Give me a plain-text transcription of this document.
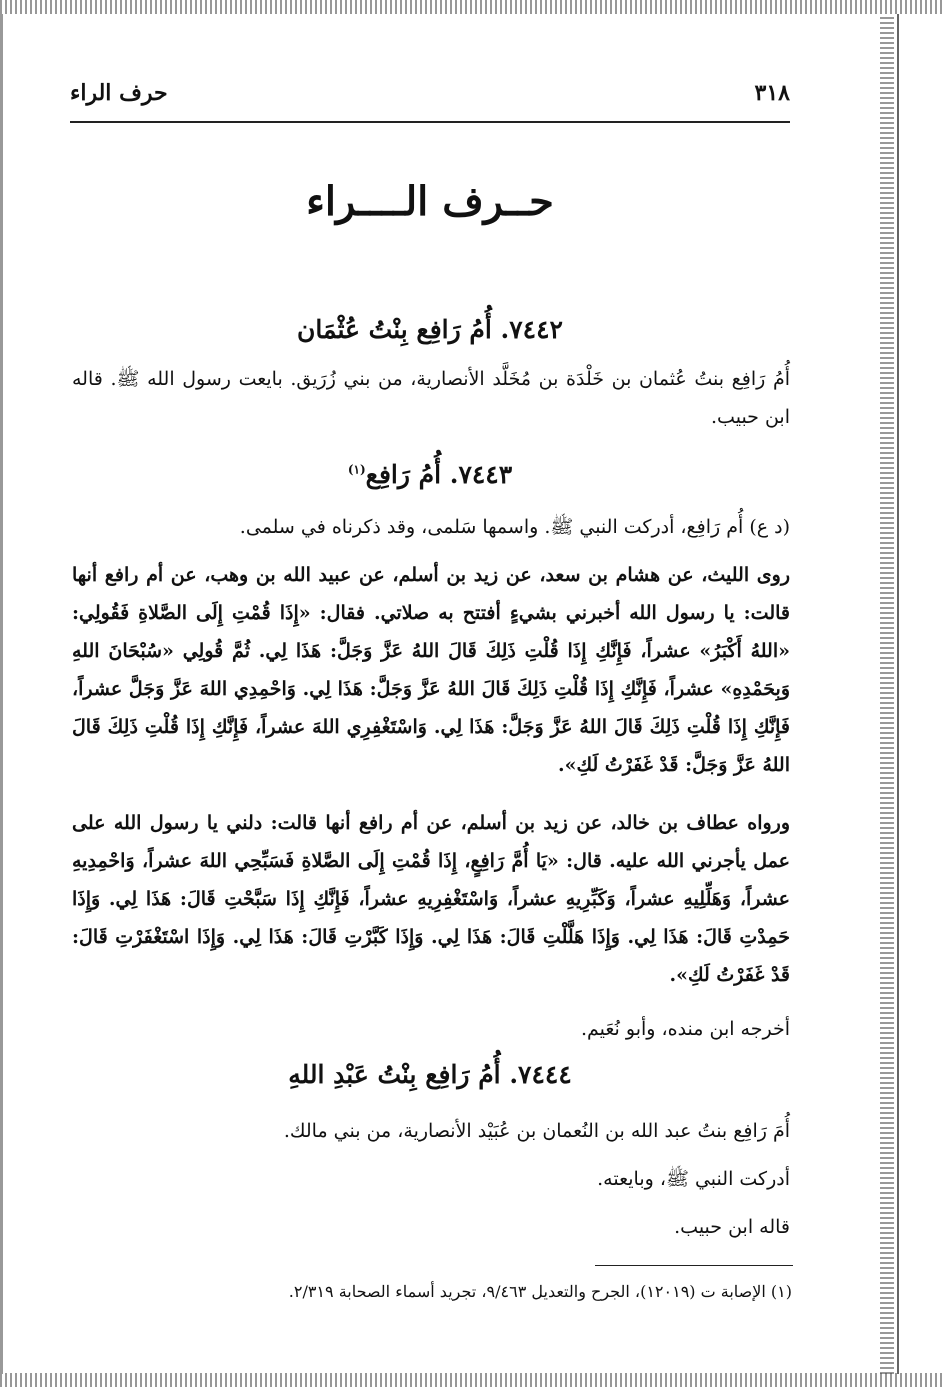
٣١٨
حرف الراء
حــرف الــــراء
٧٤٤٢. أُمُ رَافِع بِنْتُ عُثْمَان
أُمُ رَافِع بنتُ عُثمان بن خَلْدَة بن مُخَلَّد الأنصارية، من بني زُرَيق. بايعت رسول الله ﷺ. قاله ابن حبيب.
٧٤٤٣. أُمُ رَافِع$^{(١)}$
(د ع) أُم رَافِع، أدركت النبي ﷺ. واسمها سَلمى، وقد ذكرناه في سلمى.
روى الليث، عن هشام بن سعد، عن زيد بن أسلم، عن عبيد الله بن وهب، عن أم رافع أنها قالت: يا رسول الله أخبرني بشيءٍ أفتتح به صلاتي. فقال: «إِذَا قُمْتِ إِلَى الصَّلاةِ فَقُولِي: «اللهُ أَكْبَرُ» عشراً، فَإِنَّكِ إِذَا قُلْتِ ذَلِكَ قَالَ اللهُ عَزَّ وَجَلَّ: هَذَا لِي. ثُمَّ قُولِي «سُبْحَانَ اللهِ وَبِحَمْدِهِ» عشراً، فَإِنَّكِ إِذَا قُلْتِ ذَلِكَ قَالَ اللهُ عَزَّ وَجَلَّ: هَذَا لِي. وَاحْمِدِي اللهَ عَزَّ وَجَلَّ عشراً، فَإِنَّكِ إِذَا قُلْتِ ذَلِكَ قَالَ اللهُ عَزَّ وَجَلَّ: هَذَا لِي. وَاسْتَغْفِرِي اللهَ عشراً، فَإِنَّكِ إِذَا قُلْتِ ذَلِكَ قَالَ اللهُ عَزَّ وَجَلَّ: قَدْ غَفَرْتُ لَكِ».
ورواه عطاف بن خالد، عن زيد بن أسلم، عن أم رافع أنها قالت: دلني يا رسول الله على عمل يأجرني الله عليه. قال: «يَا أُمَّ رَافِعٍ، إِذَا قُمْتِ إِلَى الصَّلاةِ فَسَبِّحِي اللهَ عشراً، وَاحْمِدِيهِ عشراً، وَهَلِّلِيهِ عشراً، وَكَبِّرِيهِ عشراً، وَاسْتَغْفِرِيهِ عشراً، فَإِنَّكِ إِذَا سَبَّحْتِ قَالَ: هَذَا لِي. وَإِذَا حَمِدْتِ قَالَ: هَذَا لِي. وَإِذَا هَلَّلْتِ قَالَ: هَذَا لِي. وَإِذَا كَبَّرْتِ قَالَ: هَذَا لِي. وَإِذَا اسْتَغْفَرْتِ قَالَ: قَدْ غَفَرْتُ لَكِ».
أخرجه ابن منده، وأبو نُعَيم.
٧٤٤٤. أُمُ رَافِع بِنْتُ عَبْدِ اللهِ
أُمَ رَافِع بنتُ عبد الله بن النُعمان بن عُبَيْد الأنصارية، من بني مالك.
أدركت النبي ﷺ، وبايعته.
قاله ابن حبيب.
(١) الإصابة ت (١٢٠١٩)، الجرح والتعديل ٩/٤٦٣، تجريد أسماء الصحابة ٢/٣١٩.
